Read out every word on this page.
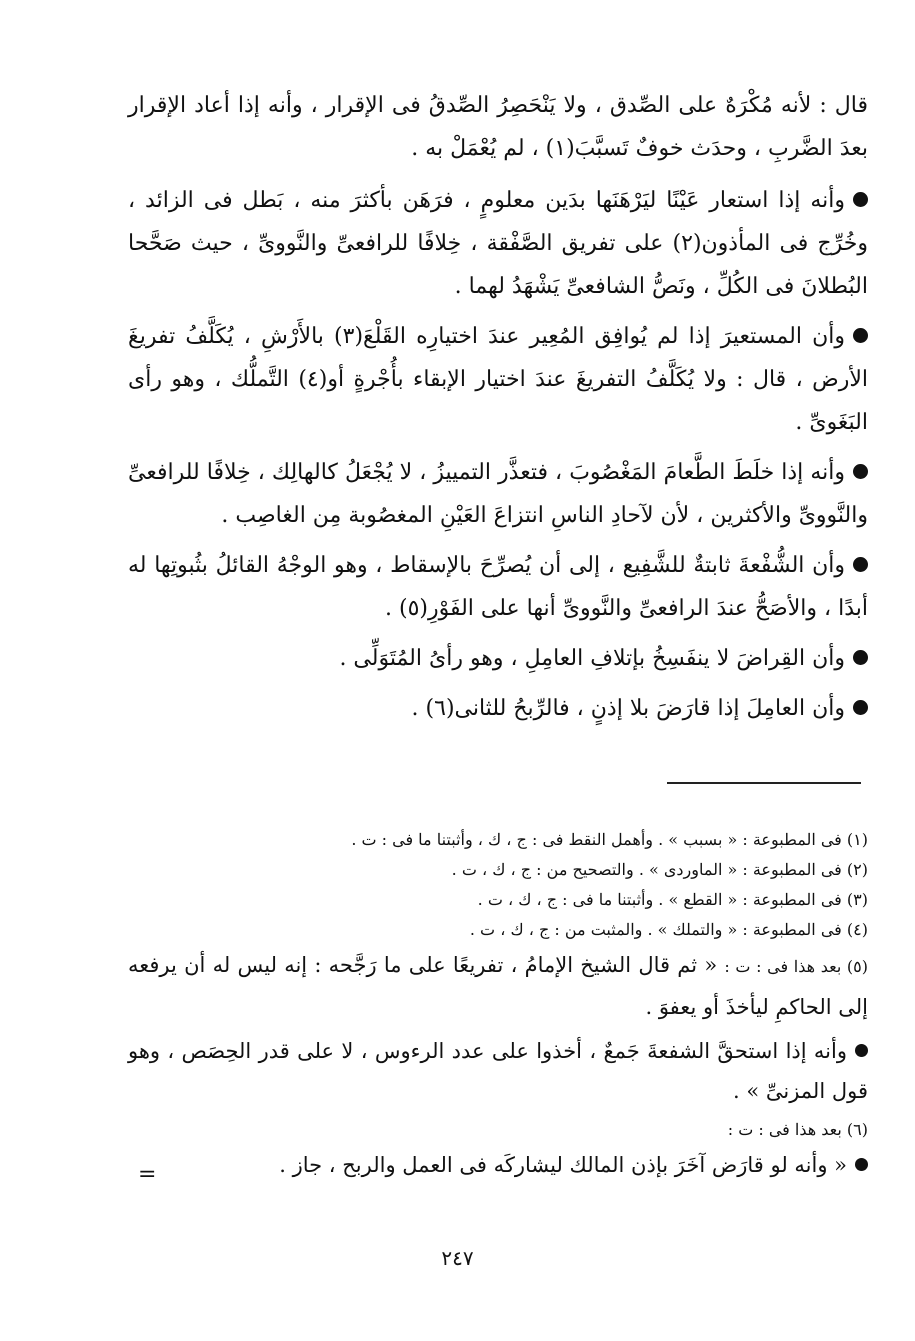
قال : لأنه مُكْرَهٌ على الصِّدق ، ولا يَنْحَصِرُ الصِّدقُ فى الإقرار ، وأنه إذا أعاد الإقرار بعدَ الضَّربِ ، وحدَث خوفٌ تَسبَّبَ(١) ، لم يُعْمَلْ به .

وأنه إذا استعار عَيْنًا ليَرْهَنَها بدَين معلومٍ ، فرَهَن بأكثرَ منه ، بَطل فى الزائد ، وخُرِّج فى المأذون(٢) على تفريق الصَّفْقة ، خِلافًا للرافعىِّ والنَّووىِّ ، حيث صَحَّحا البُطلانَ فى الكُلِّ ، ونَصُّ الشافعىِّ يَشْهَدُ لهما .

وأن المستعيرَ إذا لم يُوافِق المُعِير عندَ اختيارِه القَلْعَ(٣) بالأَرْشِ ، يُكَلَّفُ تفريغَ الأرض ، قال : ولا يُكَلَّفُ التفريغَ عندَ اختيار الإبقاء بأُجْرةٍ أو(٤) التَّملُّك ، وهو رأى البَغَوىِّ .

وأنه إذا خلَطَ الطَّعامَ المَغْصُوبَ ، فتعذَّر التمييزُ ، لا يُجْعَلُ كالهالِك ، خِلافًا للرافعىِّ والنَّووىِّ والأكثرين ، لأن لآحادِ الناسِ انتزاعَ العَيْنِ المغصُوبة مِن الغاصِب .

وأن الشُّفْعةَ ثابتةٌ للشَّفِيع ، إلى أن يُصرِّحَ بالإسقاط ، وهو الوجْهُ القائلُ بثُبوتِها له أبدًا ، والأصَحُّ عندَ الرافعىِّ والنَّووىِّ أنها على الفَوْرِ(٥) .

وأن القِراضَ لا ينفَسِخُ بإتلافِ العامِلِ ، وهو رأىُ المُتَوَلِّى .

وأن العامِلَ إذا قارَضَ بلا إذنٍ ، فالرِّبحُ للثانى(٦) .

(١) فى المطبوعة : « بسبب » . وأهمل النقط فى : ج ، ك ، وأثبتنا ما فى : ت .

(٢) فى المطبوعة : « الماوردى » . والتصحيح من : ج ، ك ، ت .

(٣) فى المطبوعة : « القطع » . وأثبتنا ما فى : ج ، ك ، ت .

(٤) فى المطبوعة : « والتملك » . والمثبت من : ج ، ك ، ت .

(٥) بعد هذا فى : ت : « ثم قال الشيخ الإمامُ ، تفريعًا على ما رَجَّحه : إنه ليس له أن يرفعه إلى الحاكمِ ليأخذَ أو يعفوَ .

وأنه إذا استحقَّ الشفعةَ جَمعٌ ، أخذوا على عدد الرءوس ، لا على قدر الحِصَص ، وهو قول المزنىِّ » .

(٦) بعد هذا فى : ت :

« وأنه لو قارَض آخَرَ بإذن المالك ليشاركَه فى العمل والربح ، جاز .

=
٢٤٧
